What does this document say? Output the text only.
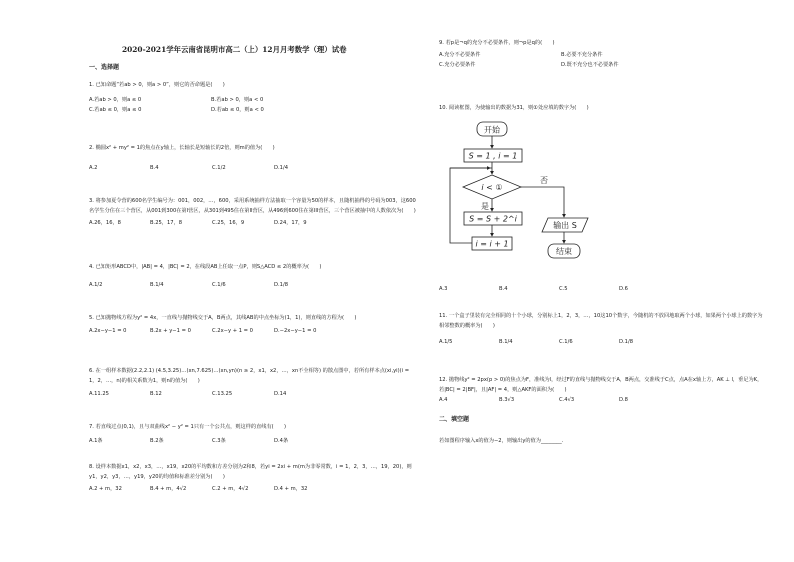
2020-2021学年云南省昆明市高二（上）12月月考数学（理）试卷
一、选择题

1. 已知命题“若ab > 0，则a > 0”，则它的否命题是(　　)

A.若ab > 0，则a ≤ 0	B.若ab > 0，则a < 0
C.若ab ≤ 0，则a ≤ 0	D.若ab ≤ 0，则a < 0

2. 椭圆x² + my² = 1的焦点在y轴上，长轴长是短轴长的2倍，则m的值为(　　)

A.2	B.4	C.1/2	D.1/4

3. 将参加夏令营的600名学生编号为：001，002，…，600，采用系统抽样方法抽取一个容量为50的样本，且随机抽得的号码为003，这600名学生分住在三个营区，从001到300在第I营区，从301到495住在第II营区，从496到600住在第III营区，三个营区被抽中的人数依次为(　　)

A.26，16，8	B.25，17，8	C.25，16，9	D.24，17，9

4. 已知矩形ABCD中，|AB| = 4，|BC| = 2，在线段AB上任取一点P，则S△ACD ≤ 2的概率为(　　)

A.1/2	B.1/4	C.1/6	D.1/8

5. 已知抛物线方程为y² = 4x，一直线与抛物线交于A，B两点，其线AB的中点坐标为(1，1)，则直线的方程为(　　)

A.2x−y−1 = 0	B.2x + y−1 = 0	C.2x−y + 1 = 0	D.−2x−y−1 = 0

6. 在一组样本数据(2.2,2.1) (4.5,3.25)…(xn,7.625)…(xn,yn)(n ≥ 2，x1，x2，…，xn不全相等) 的散点图中，若所有样本点(xi,yi)(i = 1，2，…，n)的相关系数为1，则n的值为(　　)

A.11.25	B.12	C.13.25	D.14

7. 若直线过点(0,1)，且与双曲线x² − y² = 1只有一个公共点，则这样的直线有(　　)

A.1条	B.2条	C.3条	D.4条

8. 设样本数据x1，x2，x3，…，x19，x20的平均数和方差分别为2和8，若yi = 2xi + m(m为非零常数，i = 1，2，3，…，19，20)，则y1，y2，y3，…，y19，y20的均值和标准差分别为(　　)

A.2 + m，32	B.4 + m，4√2	C.2 + m，4√2	D.4 + m，32

9. 若p是¬q的充分不必要条件，则¬p是q的(　　)

A.充分不必要条件	B.必要不充分条件
C.充分必要条件	D.既不充分也不必要条件

10. 阅读框图，为使输出的数据为31，则①处应填的数字为(　　)

A.3	B.4	C.5	D.6

11. 一个盒子里装有完全相同的十个小球，分别标上1，2，3，…，10这10个数字，今随机的不放回地取两个小球，如果两个小球上的数字为相邻整数的概率为(　　)

A.1/5	B.1/4	C.1/6	D.1/8

12. 抛物线y² = 2px(p > 0)的焦点为F，准线为l，经过F的直线与抛物线交于A，B两点，交准线于C点，点A在x轴上方，AK ⊥ l，垂足为K，若|BC| = 2|BF|，且|AF| = 4，则△AKF的面积为(　　)

A.4	B.3√3	C.4√3	D.8
二、填空题

若如图程序输入x的值为−2，则输出y的值为________.

开始
S = 1 , i = 1
i < ①
S = S + 2^i
i = i + 1
输出 S
结束
是
否
